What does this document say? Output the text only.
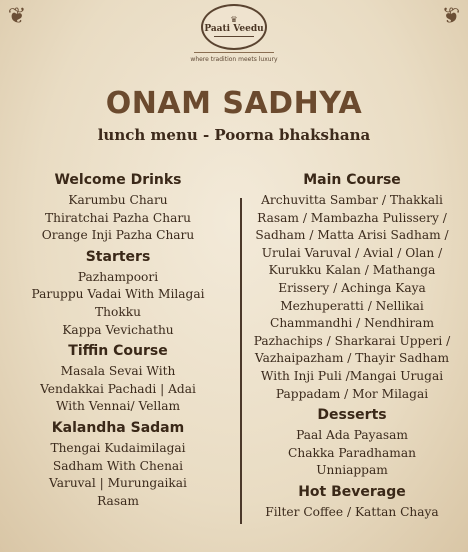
❦	❦
♛
Paati Veedu
where tradition meets luxury
ONAM SADHYA
lunch menu - Poorna bhakshana
Welcome Drinks

Karumbu Charu

Thiratchai Pazha Charu

Orange Inji Pazha Charu

Starters

Pazhampoori

Paruppu Vadai With Milagai

Thokku

Kappa Vevichathu

Tiffin Course

Masala Sevai With

Vendakkai Pachadi | Adai

With Vennai/ Vellam

Kalandha Sadam

Thengai Kudaimilagai

Sadham With Chenai

Varuval | Murungaikai

Rasam

Main Course

Archuvitta Sambar / Thakkali

Rasam / Mambazha Pulissery /

Sadham / Matta Arisi Sadham /

Urulai Varuval / Avial / Olan /

Kurukku Kalan / Mathanga

Erissery / Achinga Kaya

Mezhuperatti / Nellikai

Chammandhi / Nendhiram

Pazhachips / Sharkarai Upperi /

Vazhaipazham / Thayir Sadham

With Inji Puli /Mangai Urugai

Pappadam / Mor Milagai

Desserts

Paal Ada Payasam

Chakka Paradhaman

Unniappam

Hot Beverage

Filter Coffee / Kattan Chaya
